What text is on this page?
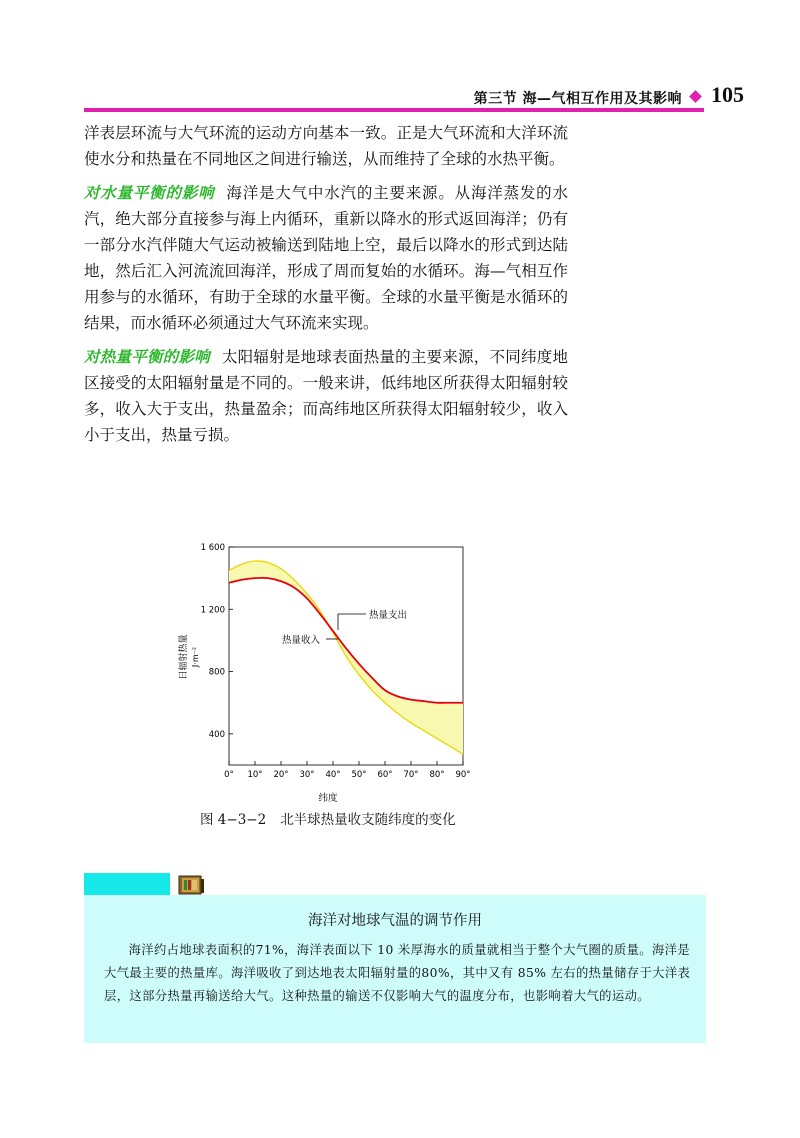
第三节 海—气相互作用及其影响 105

洋表层环流与大气环流的运动方向基本一致。正是大气环流和大洋环流使水分和热量在不同地区之间进行输送，从而维持了全球的水热平衡。

对水量平衡的影响 海洋是大气中水汽的主要来源。从海洋蒸发的水汽，绝大部分直接参与海上内循环，重新以降水的形式返回海洋；仍有一部分水汽伴随大气运动被输送到陆地上空，最后以降水的形式到达陆地，然后汇入河流流回海洋，形成了周而复始的水循环。海—气相互作用参与的水循环，有助于全球的水量平衡。全球的水量平衡是水循环的结果，而水循环必须通过大气环流来实现。

对热量平衡的影响 太阳辐射是地球表面热量的主要来源，不同纬度地区接受的太阳辐射量是不同的。一般来讲，低纬地区所获得太阳辐射较多，收入大于支出，热量盈余；而高纬地区所获得太阳辐射较少，收入小于支出，热量亏损。

0° 10° 20° 30° 40° 50° 60° 70° 80° 90°
400
800
1 200
1 600
热量支出
热量收入
纬度
日辐射热量 J·m⁻²
图 4−3−2 北半球热量收支随纬度的变化
海洋对地球气温的调节作用
海洋约占地球表面积的71%，海洋表面以下 10 米厚海水的质量就相当于整个大气圈的质量。海洋是大气最主要的热量库。海洋吸收了到达地表太阳辐射量的80%，其中又有 85% 左右的热量储存于大洋表层，这部分热量再输送给大气。这种热量的输送不仅影响大气的温度分布，也影响着大气的运动。
